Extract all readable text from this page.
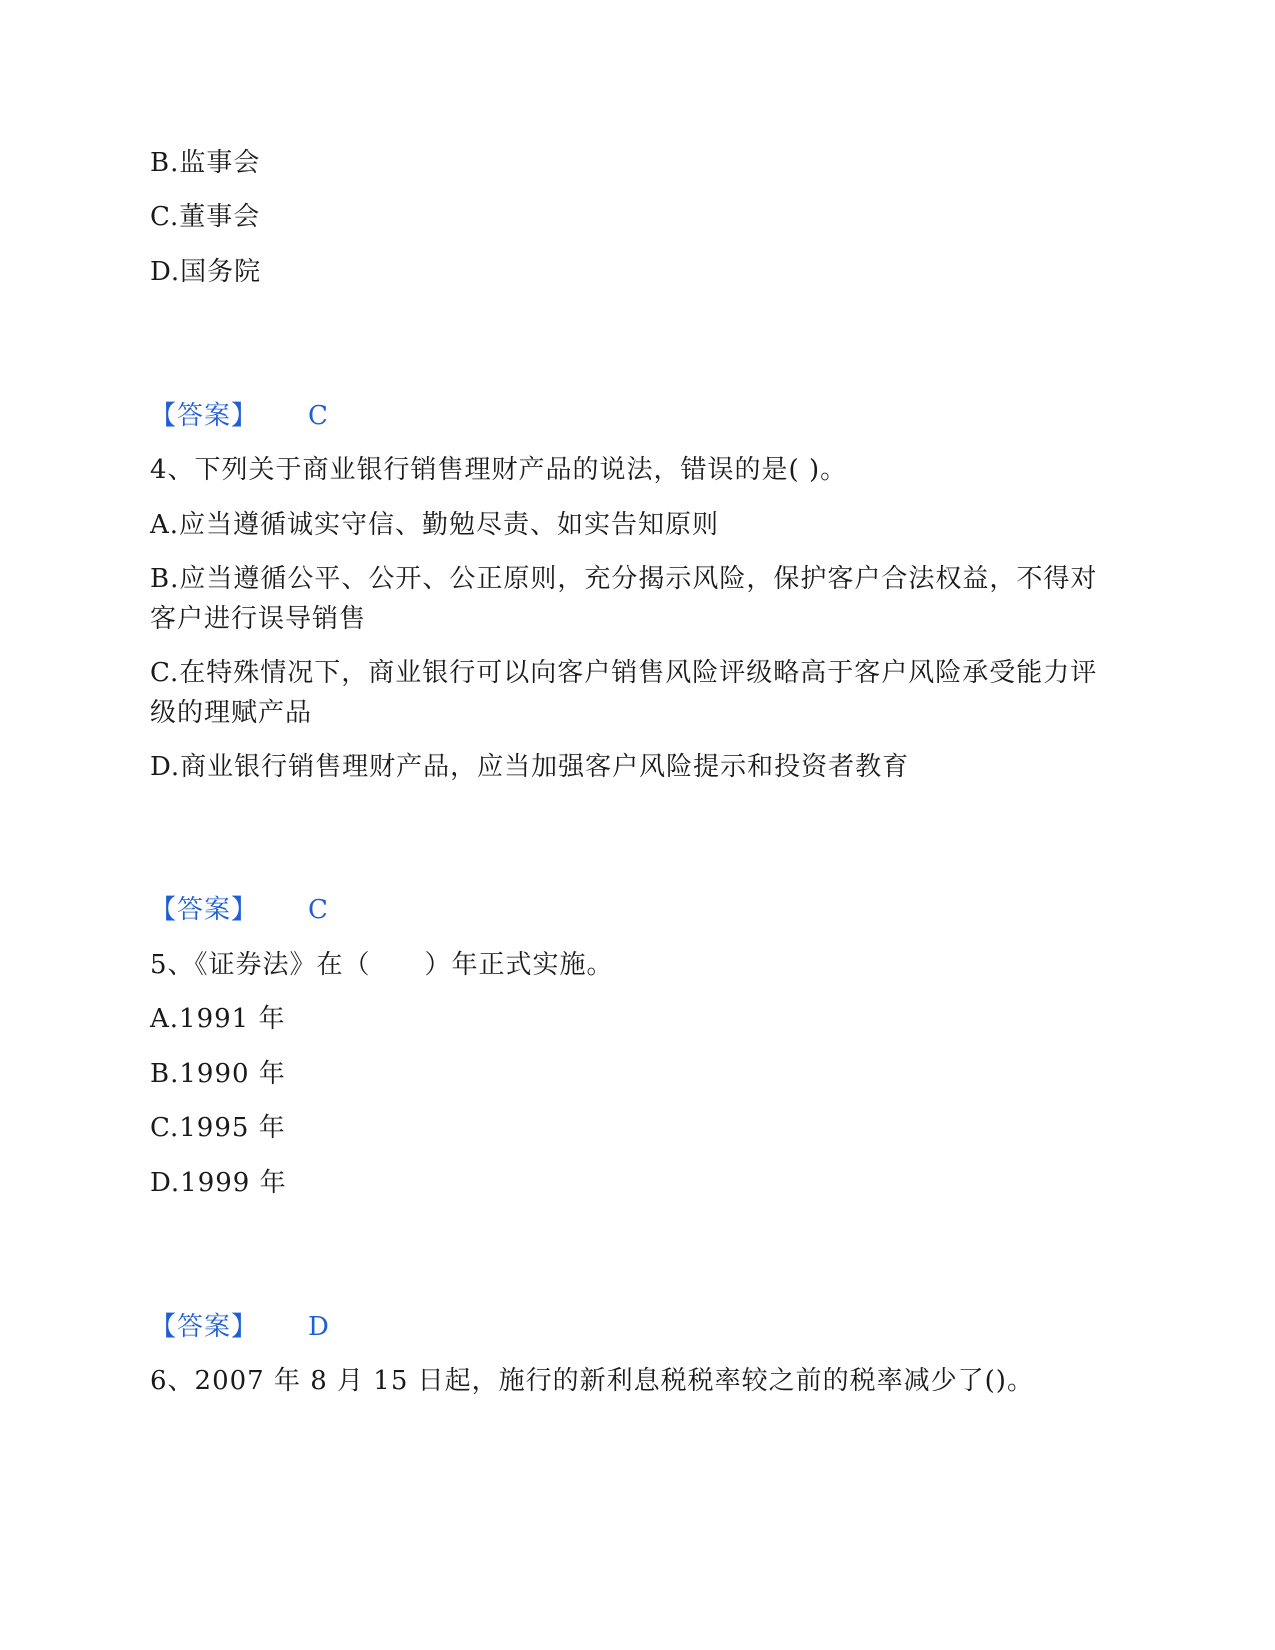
B.监事会
C.董事会
D.国务院
【答案】 C
4、下列关于商业银行销售理财产品的说法，错误的是( )。
A.应当遵循诚实守信、勤勉尽责、如实告知原则
B.应当遵循公平、公开、公正原则，充分揭示风险，保护客户合法权益，不得对客户进行误导销售
C.在特殊情况下，商业银行可以向客户销售风险评级略高于客户风险承受能力评级的理赋产品
D.商业银行销售理财产品，应当加强客户风险提示和投资者教育
【答案】 C
5、《证券法》在（　　）年正式实施。
A.1991 年
B.1990 年
C.1995 年
D.1999 年
【答案】 D
6、2007 年 8 月 15 日起，施行的新利息税税率较之前的税率减少了()。
